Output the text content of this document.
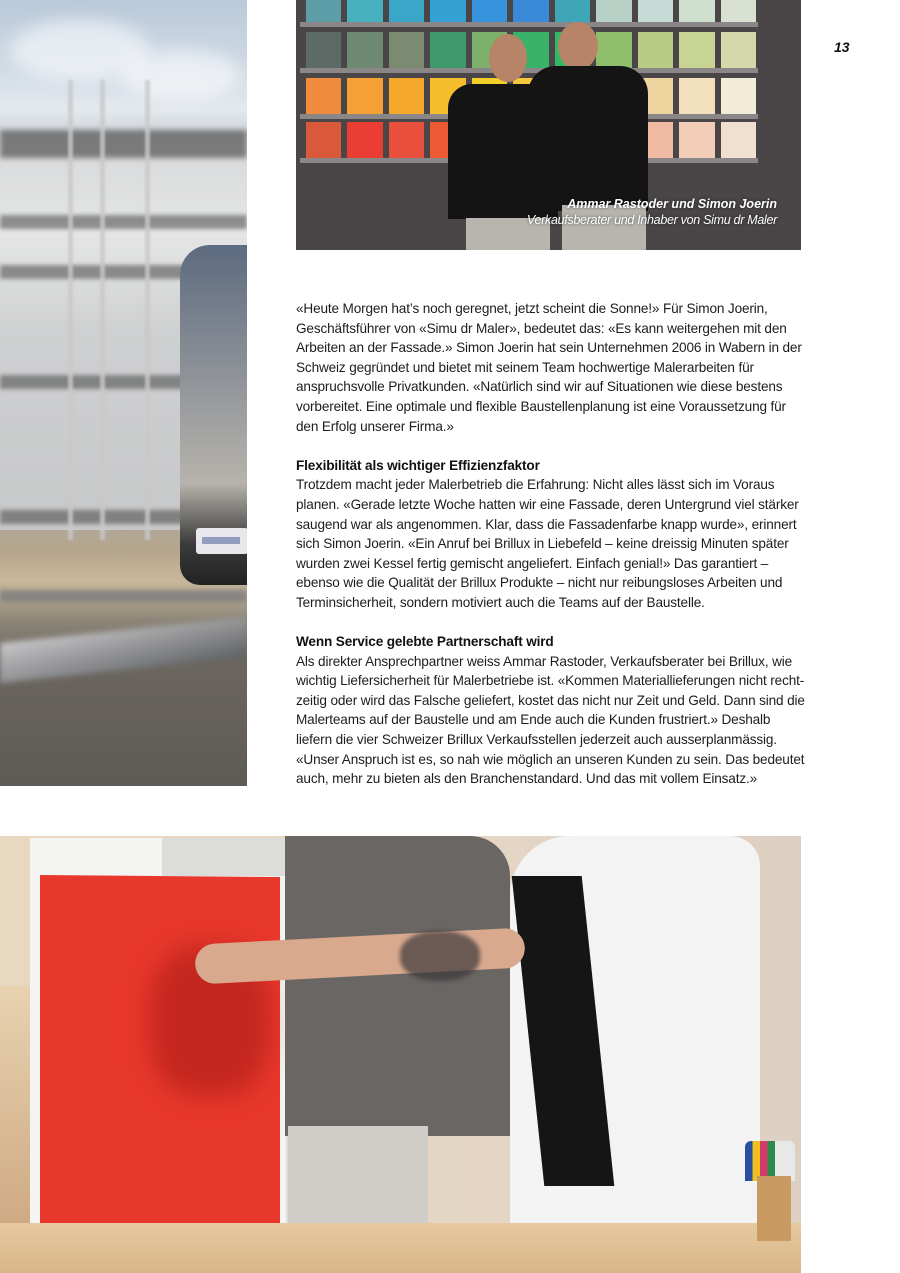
Ammar Rastoder und Simon Joerin
Verkaufsberater und Inhaber von Simu dr Maler
13

«Heute Morgen hat’s noch geregnet, jetzt scheint die Sonne!» Für Simon Joerin, Geschäftsführer von «Simu dr Maler», bedeutet das: «Es kann weitergehen mit den Arbeiten an der Fassade.» Simon Joerin hat sein Unternehmen 2006 in Wabern in der Schweiz gegründet und bietet mit seinem Team hochwertige Malerarbeiten für anspruchsvolle Privatkunden. «Natürlich sind wir auf Situationen wie diese bestens vorbereitet. Eine optimale und flexible Baustellenplanung ist eine Voraussetzung für den Erfolg unserer Firma.»

Flexibilität als wichtiger Effizienzfaktor

Trotzdem macht jeder Malerbetrieb die Erfahrung: Nicht alles lässt sich im Voraus planen. «Gerade letzte Woche hatten wir eine Fassade, deren Untergrund viel stärker saugend war als angenommen. Klar, dass die Fassadenfarbe knapp wurde», erinnert sich Simon Joerin. «Ein Anruf bei Brillux in Liebefeld – keine dreissig Minuten später wurden zwei Kessel fertig gemischt angeliefert. Einfach genial!» Das garantiert – ebenso wie die Qualität der Brillux Produkte – nicht nur reibungsloses Arbeiten und Terminsicherheit, sondern motiviert auch die Teams auf der Baustelle.

Wenn Service gelebte Partnerschaft wird

Als direkter Ansprechpartner weiss Ammar Rastoder, Verkaufsberater bei Brillux, wie wichtig Liefersicherheit für Malerbetriebe ist. «Kommen Materiallieferungen nicht recht-zeitig oder wird das Falsche geliefert, kostet das nicht nur Zeit und Geld. Dann sind die Malerteams auf der Baustelle und am Ende auch die Kunden frustriert.» Deshalb liefern die vier Schweizer Brillux Verkaufsstellen jederzeit auch ausserplanmässig. «Unser Anspruch ist es, so nah wie möglich an unseren Kunden zu sein. Das bedeutet auch, mehr zu bieten als den Branchenstandard. Und das mit vollem Einsatz.»
